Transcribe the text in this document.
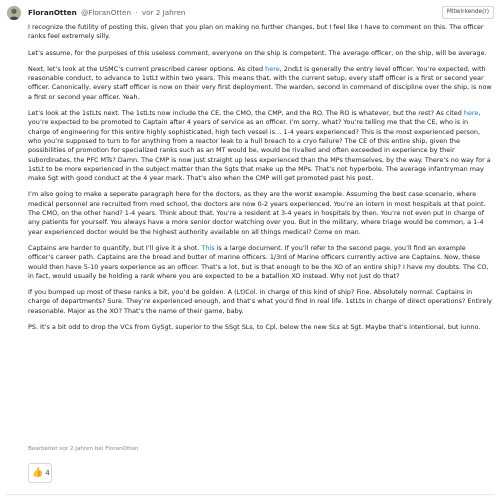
FloranOtten @FloranOtten · vor 2 Jahren	Mitwirkende(r)

I recognize the futility of posting this, given that you plan on making no further changes, but I feel like I have to comment on this. The officer ranks feel extremely silly.

Let’s assume, for the purposes of this useless comment, everyone on the ship is competent. The average officer, on the ship, will be average.

Next, let’s look at the USMC’s current prescribed career options. As cited here, 2ndLt is generally the entry level officer. You’re expected, with reasonable conduct, to advance to 1stLt within two years. This means that, with the current setup, every staff officer is a first or second year officer. Canonically, every staff officer is now on their very first deployment. The warden, second in command of discipline over the ship, is now a first or second year officer. Yeah.

Let’s look at the 1stLts next. The 1stLts now include the CE, the CMO, the CMP, and the RO. The RO is whatever, but the rest? As cited here, you’re expected to be promoted to Captain after 4 years of service as an officer. I’m sorry, what? You’re telling me that the CE, who is in charge of engineering for this entire highly sophisticated, high tech vessel is… 1-4 years experienced? This is the most experienced person, who you’re supposed to turn to for anything from a reactor leak to a hull breach to a cryo failure? The CE of this entire ship, given the possibilities of promotion for specialized ranks such as an MT would be, would be rivalled and often exceeded in experience by their subordinates, the PFC MTs? Damn. The CMP is now just straight up less experienced than the MPs themselves, by the way. There’s no way for a 1stLt to be more experienced in the subject matter than the Sgts that make up the MPs. That’s not hyperbole. The average infantryman may make Sgt with good conduct at the 4 year mark. That’s also when the CMP will get promoted past his post.

I’m also going to make a seperate paragraph here for the doctors, as they are the worst example. Assuming the best case scenario, where medical personnel are recruited from med school, the doctors are now 0-2 years experienced. You’re an intern in most hospitals at that point. The CMO, on the other hand? 1-4 years. Think about that. You’re a resident at 3-4 years in hospitals by then. You’re not even put in charge of any patients for yourself. You always have a more senior doctor watching over you. But in the military, where triage would be common, a 1-4 year experienced doctor would be the highest authority available on all things medical? Come on man.

Captains are harder to quantify, but I’ll give it a shot. This is a large document. If you’ll refer to the second page, you’ll find an example officer’s career path. Captains are the bread and butter of marine officers. 1/3rd of Marine officers currently active are Captains. Now, these would then have 5-10 years experience as an officer. That’s a lot, but is that enough to be the XO of an entire ship? I have my doubts. The CO, in fact, would usually be holding a rank where you are expected to be a batallion XO instead. Why not just do that?

If you bumped up most of these ranks a bit, you’d be golden. A (Lt)Col. in charge of this kind of ship? Fine. Absolutely normal. Captains in charge of departments? Sure. They’re experienced enough, and that’s what you’d find in real life. 1stLts in charge of direct operations? Entirely reasonable. Major as the XO? That’s the name of their game, baby.

PS. It’s a bit odd to drop the VCs from GySgt, superior to the SSgt SLs, to Cpl, below the new SLs at Sgt. Maybe that’s intentional, but iunno.

Bearbeitet vor 2 Jahren bei FloranOtten
👍 4
